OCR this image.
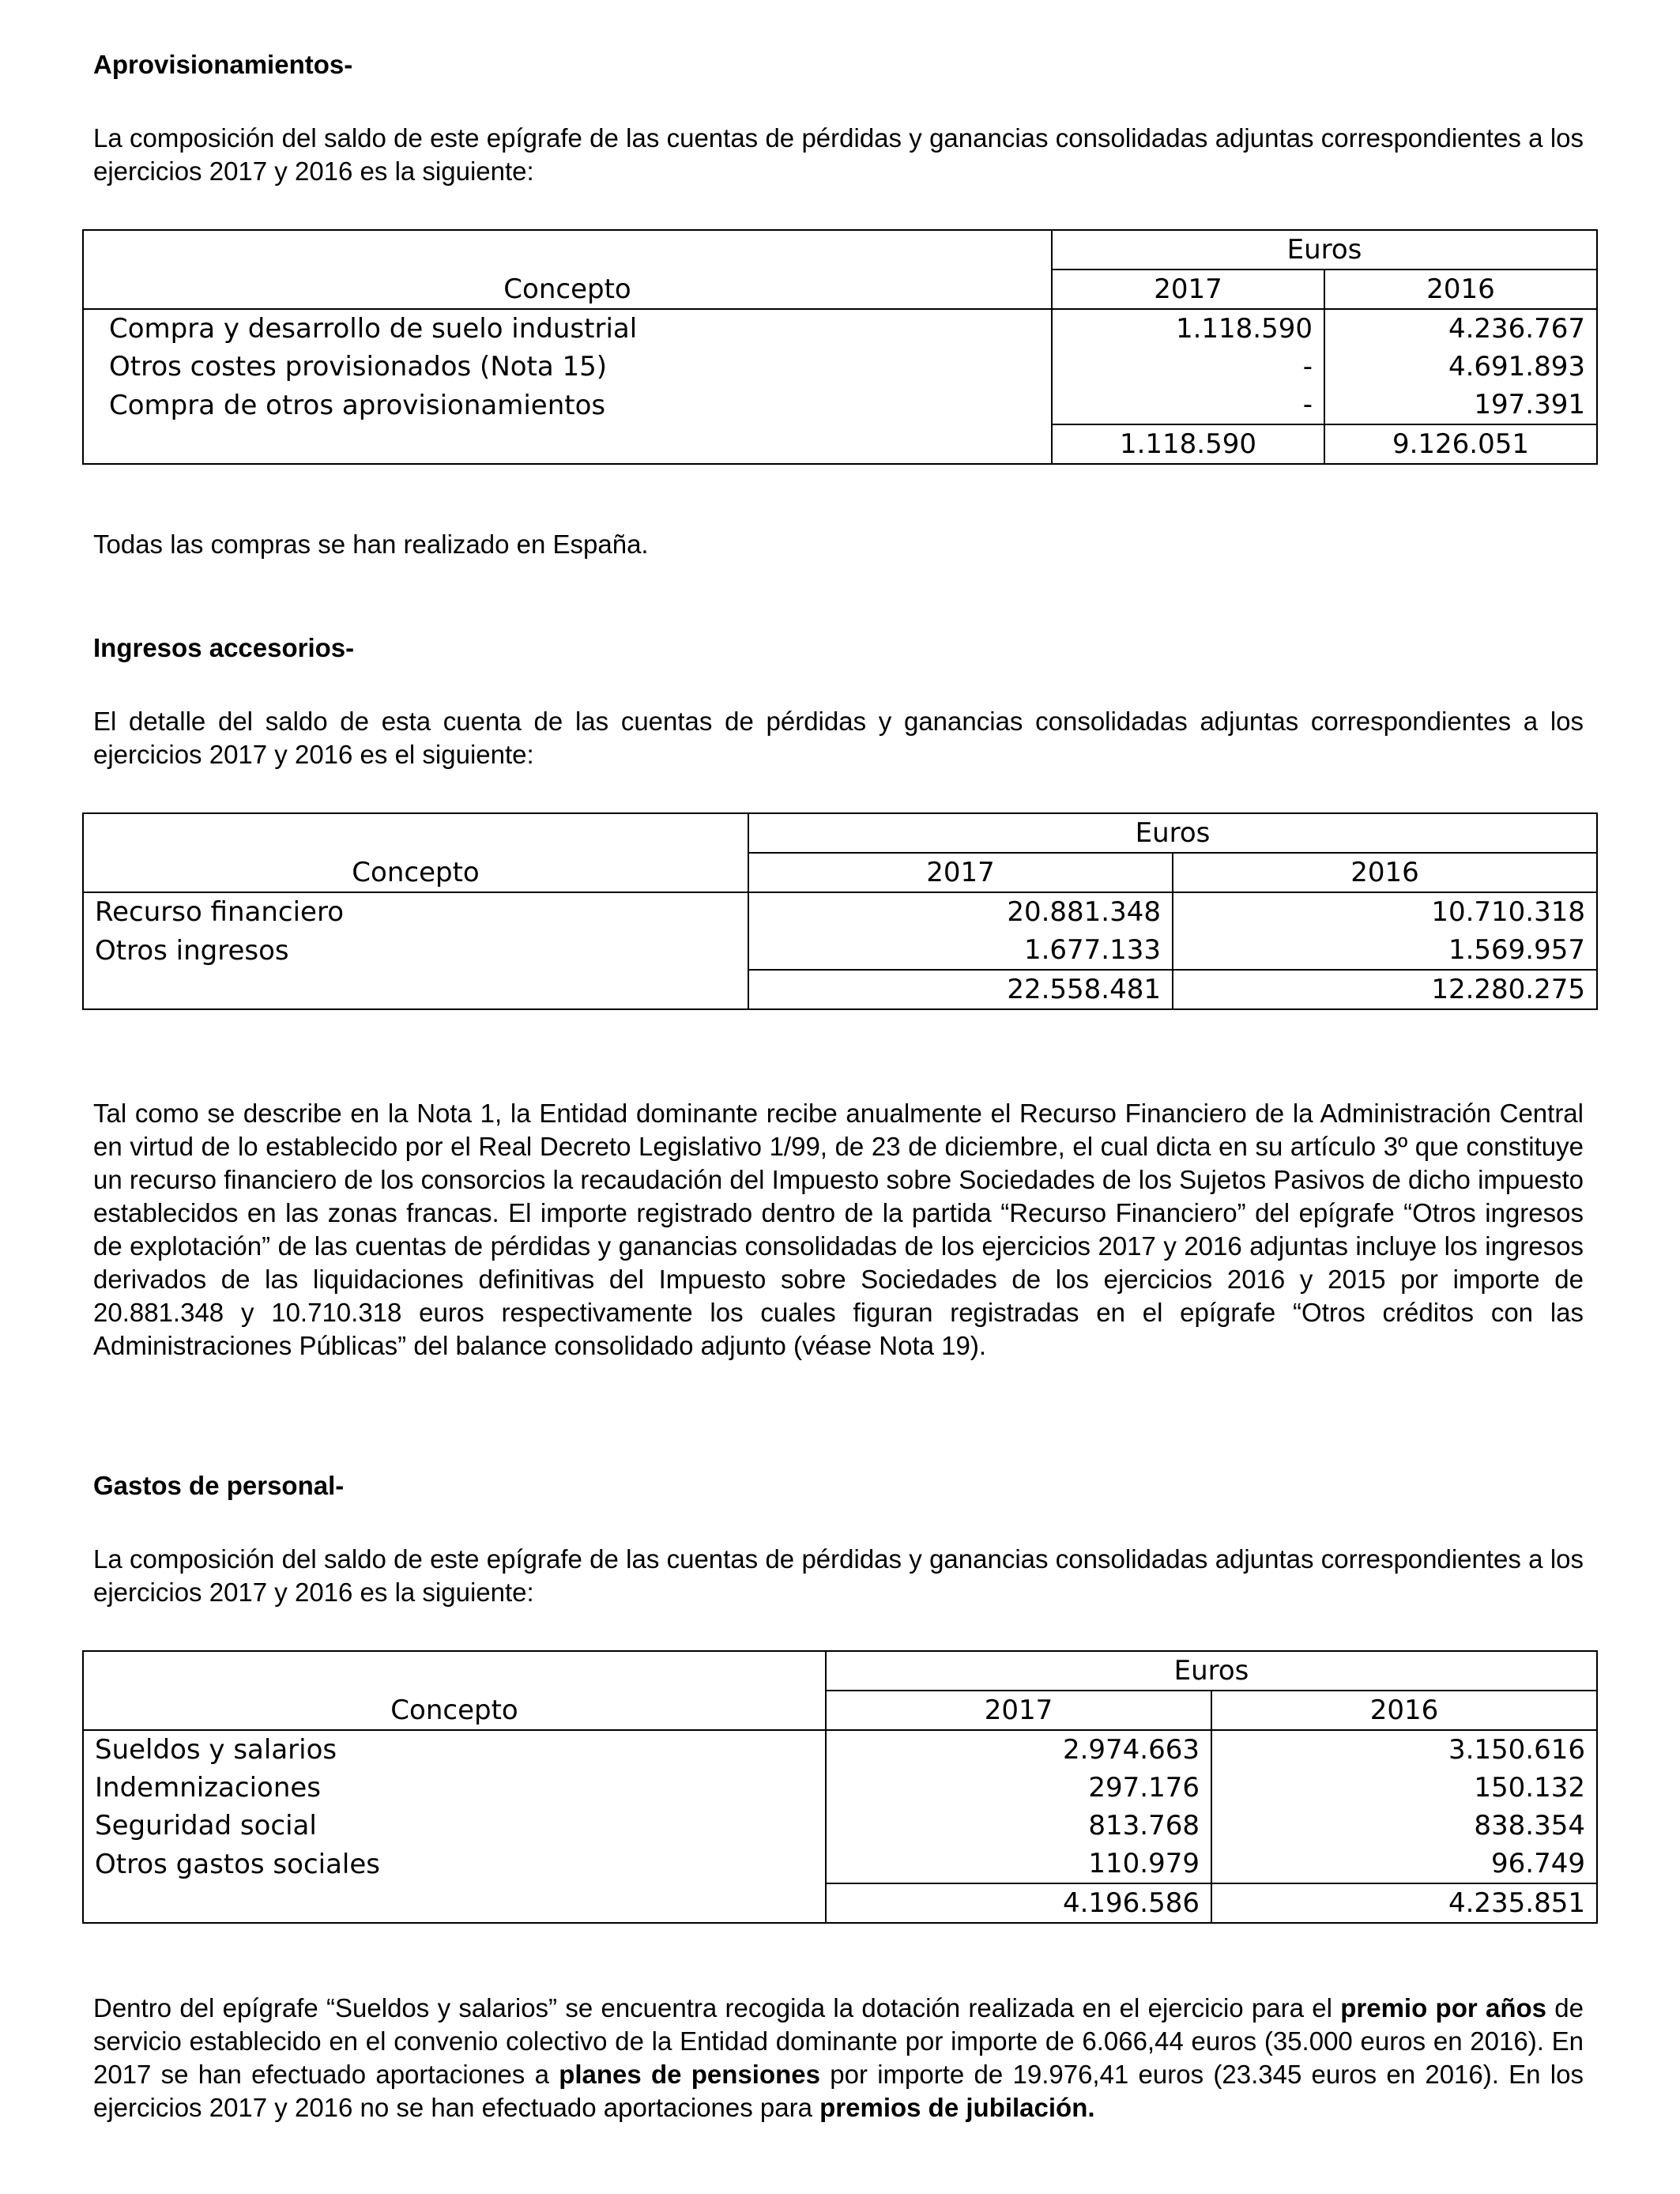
Aprovisionamientos-

La composición del saldo de este epígrafe de las cuentas de pérdidas y ganancias consolidadas adjuntas correspondientes a los ejercicios 2017 y 2016 es la siguiente:

Concepto	Euros	
	2017	2016
Compra y desarrollo de suelo industrial	1.118.590	4.236.767
Otros costes provisionados (Nota 15)	-	4.691.893
Compra de otros aprovisionamientos	-	197.391
	1.118.590	9.126.051
Todas las compras se han realizado en España.
Ingresos accesorios-

El detalle del saldo de esta cuenta de las cuentas de pérdidas y ganancias consolidadas adjuntas correspondientes a los ejercicios 2017 y 2016 es el siguiente:

Concepto	Euros	
	2017	2016
Recurso financiero	20.881.348	10.710.318
Otros ingresos	1.677.133	1.569.957
	22.558.481	12.280.275

Tal como se describe en la Nota 1, la Entidad dominante recibe anualmente el Recurso Financiero de la Administración Central en virtud de lo establecido por el Real Decreto Legislativo 1/99, de 23 de diciembre, el cual dicta en su artículo 3º que constituye un recurso financiero de los consorcios la recaudación del Impuesto sobre Sociedades de los Sujetos Pasivos de dicho impuesto establecidos en las zonas francas. El importe registrado dentro de la partida “Recurso Financiero” del epígrafe “Otros ingresos de explotación” de las cuentas de pérdidas y ganancias consolidadas de los ejercicios 2017 y 2016 adjuntas incluye los ingresos derivados de las liquidaciones definitivas del Impuesto sobre Sociedades de los ejercicios 2016 y 2015 por importe de 20.881.348 y 10.710.318 euros respectivamente los cuales figuran registradas en el epígrafe “Otros créditos con las Administraciones Públicas” del balance consolidado adjunto (véase Nota 19).

Gastos de personal-

La composición del saldo de este epígrafe de las cuentas de pérdidas y ganancias consolidadas adjuntas correspondientes a los ejercicios 2017 y 2016 es la siguiente:

Concepto	Euros	
	2017	2016
Sueldos y salarios	2.974.663	3.150.616
Indemnizaciones	297.176	150.132
Seguridad social	813.768	838.354
Otros gastos sociales	110.979	96.749
	4.196.586	4.235.851

Dentro del epígrafe “Sueldos y salarios” se encuentra recogida la dotación realizada en el ejercicio para el premio por años de servicio establecido en el convenio colectivo de la Entidad dominante por importe de 6.066,44 euros (35.000 euros en 2016). En 2017 se han efectuado aportaciones a planes de pensiones por importe de 19.976,41 euros (23.345 euros en 2016). En los ejercicios 2017 y 2016 no se han efectuado aportaciones para premios de jubilación.
